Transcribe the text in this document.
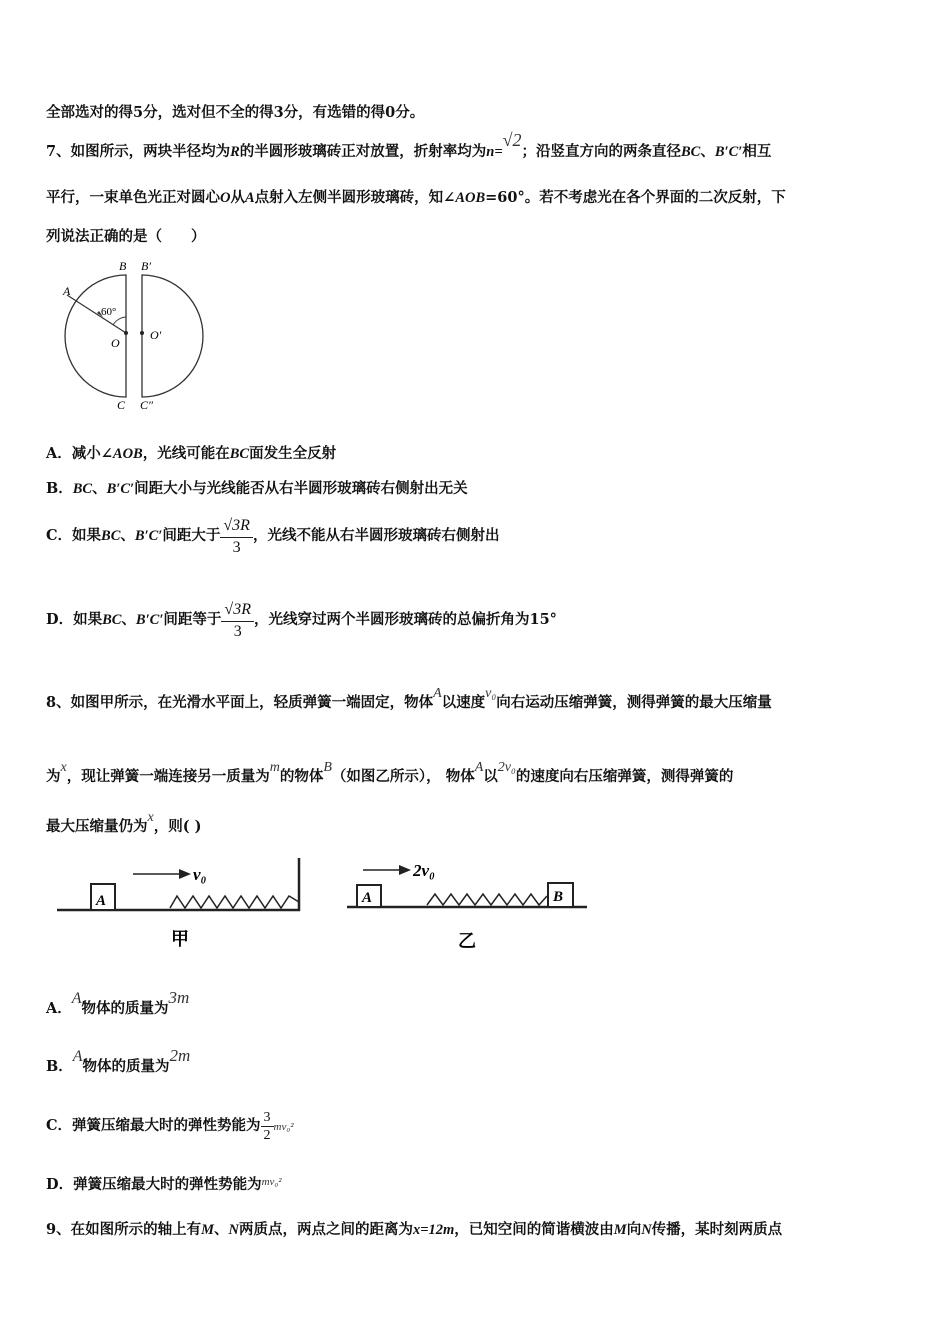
全部选对的得5分，选对但不全的得3分，有选错的得0分。
7、如图所示，两块半径均为R的半圆形玻璃砖正对放置，折射率均为n=√2；沿竖直方向的两条直径BC、B′C′相互
平行，一束单色光正对圆心O从A点射入左侧半圆形玻璃砖，知∠AOB=60°。若不考虑光在各个界面的二次反射，下
列说法正确的是（　　）
B B′
A
60°
O
O′
C C″
A．减小∠AOB，光线可能在BC面发生全反射
B．BC、B′C′间距大小与光线能否从右半圆形玻璃砖右侧射出无关
C．如果BC、B′C′间距大于 $\frac{√3R}{3}$ ，光线不能从右半圆形玻璃砖右侧射出
D．如果BC、B′C′间距等于 $\frac{√3R}{3}$ ，光线穿过两个半圆形玻璃砖的总偏折角为15°
8、如图甲所示，在光滑水平面上，轻质弹簧一端固定，物体A以速度v₀向右运动压缩弹簧，测得弹簧的最大压缩量
为x，现让弹簧一端连接另一质量为m的物体B（如图乙所示）， 物体A以2v₀的速度向右压缩弹簧，测得弹簧的
最大压缩量仍为x，则( )
A
v₀
甲
A
2v₀
B
乙
A．A物体的质量为3m
B．A物体的质量为2m
C．弹簧压缩最大时的弹性势能为 $\frac{3}{2} mv_0^2$
D．弹簧压缩最大时的弹性势能为$^{mv_0^2}$
9、在如图所示的轴上有M、N两质点，两点之间的距离为x=12m，已知空间的简谐横波由M向N传播，某时刻两质点
